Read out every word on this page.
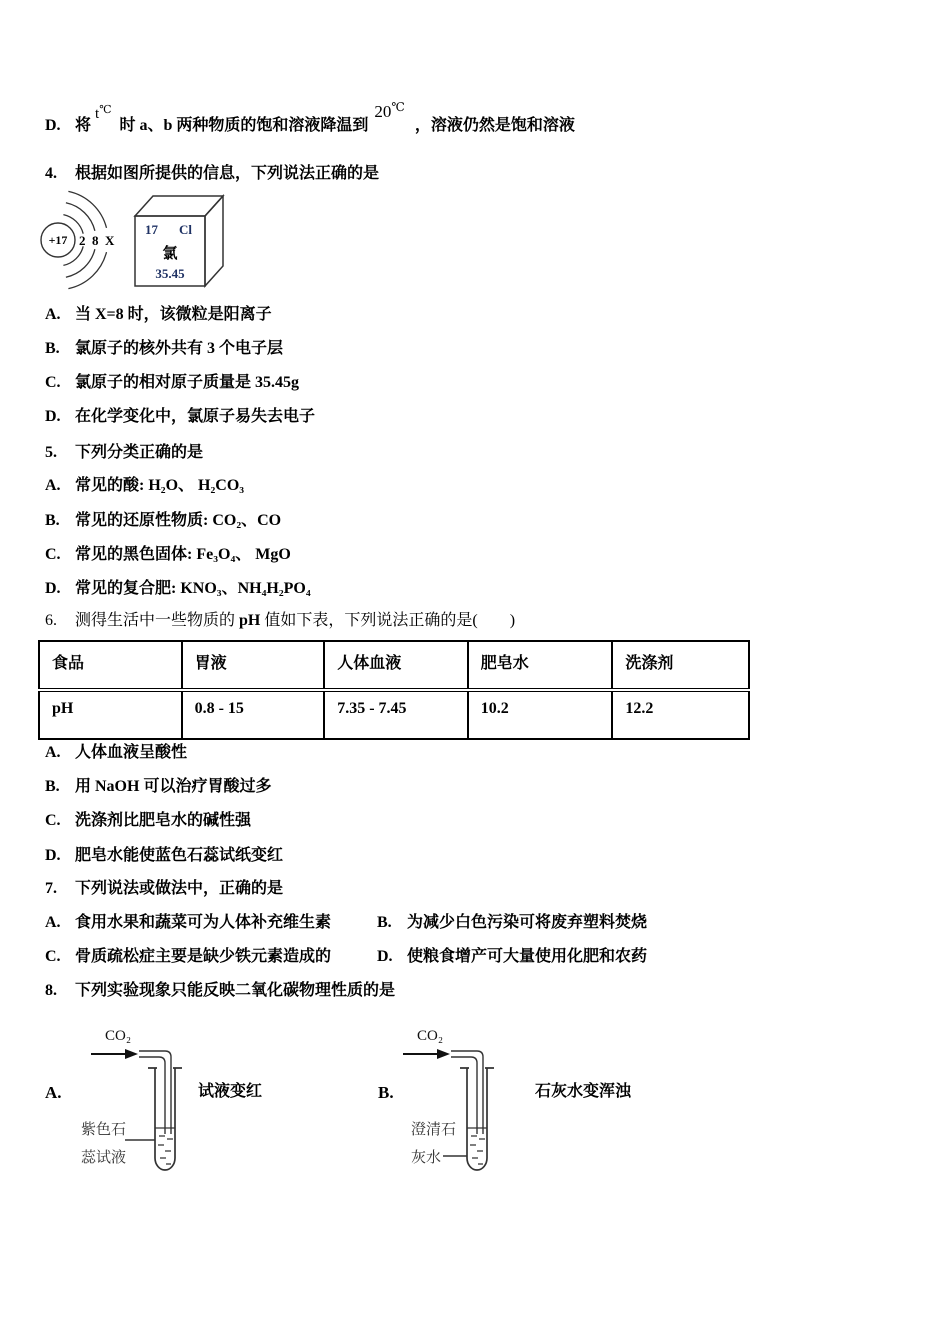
D. 将t℃时 a、b 两种物质的饱和溶液降温到20℃，溶液仍然是饱和溶液
4. 根据如图所提供的信息，下列说法正确的是
+17 2 8 X
17 Cl
氯
35.45
A. 当 X=8 时，该微粒是阳离子
B. 氯原子的核外共有 3 个电子层
C. 氯原子的相对原子质量是 35.45g
D. 在化学变化中，氯原子易失去电子
5. 下列分类正确的是
A. 常见的酸: H₂O、 H₂CO₃
B. 常见的还原性物质: CO₂、CO
C. 常见的黑色固体: Fe₃O₄、 MgO
D. 常见的复合肥: KNO₃、NH₄H₂PO₄
6. 测得生活中一些物质的 pH 值如下表，下列说法正确的是(　　)
食品	胃液	人体血液	肥皂水	洗涤剂
pH	0.8 - 15	7.35 - 7.45	10.2	12.2
A. 人体血液呈酸性
B. 用 NaOH 可以治疗胃酸过多
C. 洗涤剂比肥皂水的碱性强
D. 肥皂水能使蓝色石蕊试纸变红
7. 下列说法或做法中，正确的是
A. 食用水果和蔬菜可为人体补充维生素	B. 为减少白色污染可将废弃塑料焚烧
C. 骨质疏松症主要是缺少铁元素造成的	D. 使粮食增产可大量使用化肥和农药
8. 下列实验现象只能反映二氧化碳物理性质的是
A.
CO₂
紫色石
蕊试液
试液变红	B.
CO₂
澄清石
灰水
石灰水变浑浊
